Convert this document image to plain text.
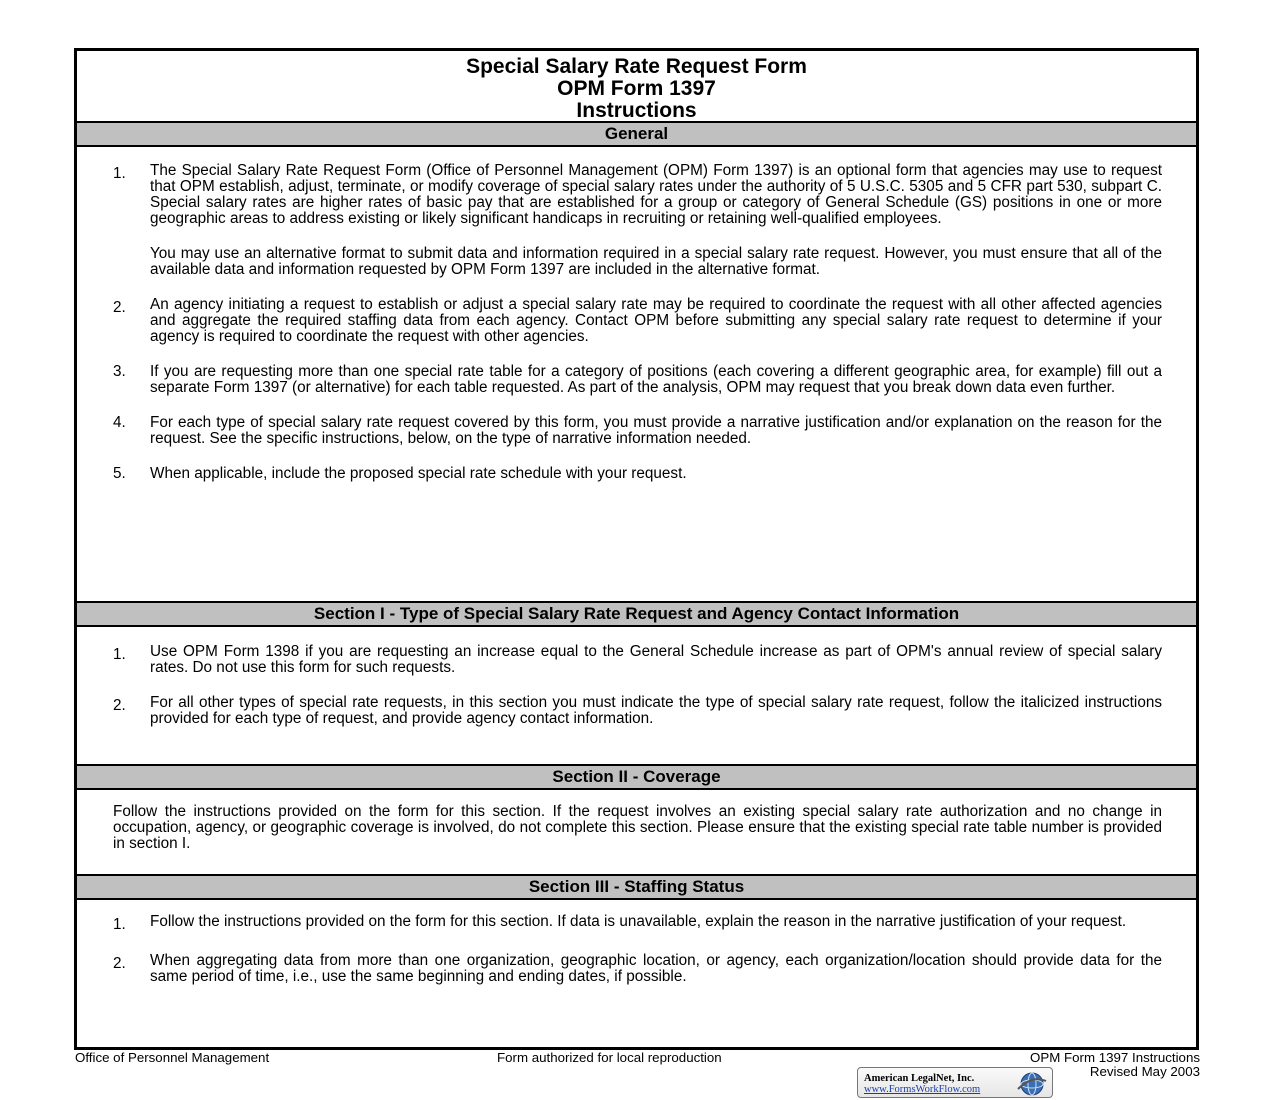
Special Salary Rate Request Form
OPM Form 1397
Instructions
General
1.	The Special Salary Rate Request Form (Office of Personnel Management (OPM) Form 1397) is an optional form that agencies may use to request that OPM establish, adjust, terminate, or modify coverage of special salary rates under the authority of 5 U.S.C. 5305 and 5 CFR part 530, subpart C. Special salary rates are higher rates of basic pay that are established for a group or category of General Schedule (GS) positions in one or more geographic areas to address existing or likely significant handicaps in recruiting or retaining well-qualified employees.
You may use an alternative format to submit data and information required in a special salary rate request. However, you must ensure that all of the available data and information requested by OPM Form 1397 are included in the alternative format.
2.	An agency initiating a request to establish or adjust a special salary rate may be required to coordinate the request with all other affected agencies and aggregate the required staffing data from each agency. Contact OPM before submitting any special salary rate request to determine if your agency is required to coordinate the request with other agencies.
3.	If you are requesting more than one special rate table for a category of positions (each covering a different geographic area, for example) fill out a separate Form 1397 (or alternative) for each table requested. As part of the analysis, OPM may request that you break down data even further.
4.	For each type of special salary rate request covered by this form, you must provide a narrative justification and/or explanation on the reason for the request. See the specific instructions, below, on the type of narrative information needed.
5.	When applicable, include the proposed special rate schedule with your request.
Section I - Type of Special Salary Rate Request and Agency Contact Information
1.	Use OPM Form 1398 if you are requesting an increase equal to the General Schedule increase as part of OPM's annual review of special salary rates. Do not use this form for such requests.
2.	For all other types of special rate requests, in this section you must indicate the type of special salary rate request, follow the italicized instructions provided for each type of request, and provide agency contact information.
Section II - Coverage
Follow the instructions provided on the form for this section. If the request involves an existing special salary rate authorization and no change in occupation, agency, or geographic coverage is involved, do not complete this section. Please ensure that the existing special rate table number is provided in section I.
Section III - Staffing Status
1.	Follow the instructions provided on the form for this section. If data is unavailable, explain the reason in the narrative justification of your request.
2.	When aggregating data from more than one organization, geographic location, or agency, each organization/location should provide data for the same period of time, i.e., use the same beginning and ending dates, if possible.
Office of Personnel Management	Form authorized for local reproduction	OPM Form 1397 Instructions
Revised May 2003
American LegalNet, Inc.
www.FormsWorkFlow.com
